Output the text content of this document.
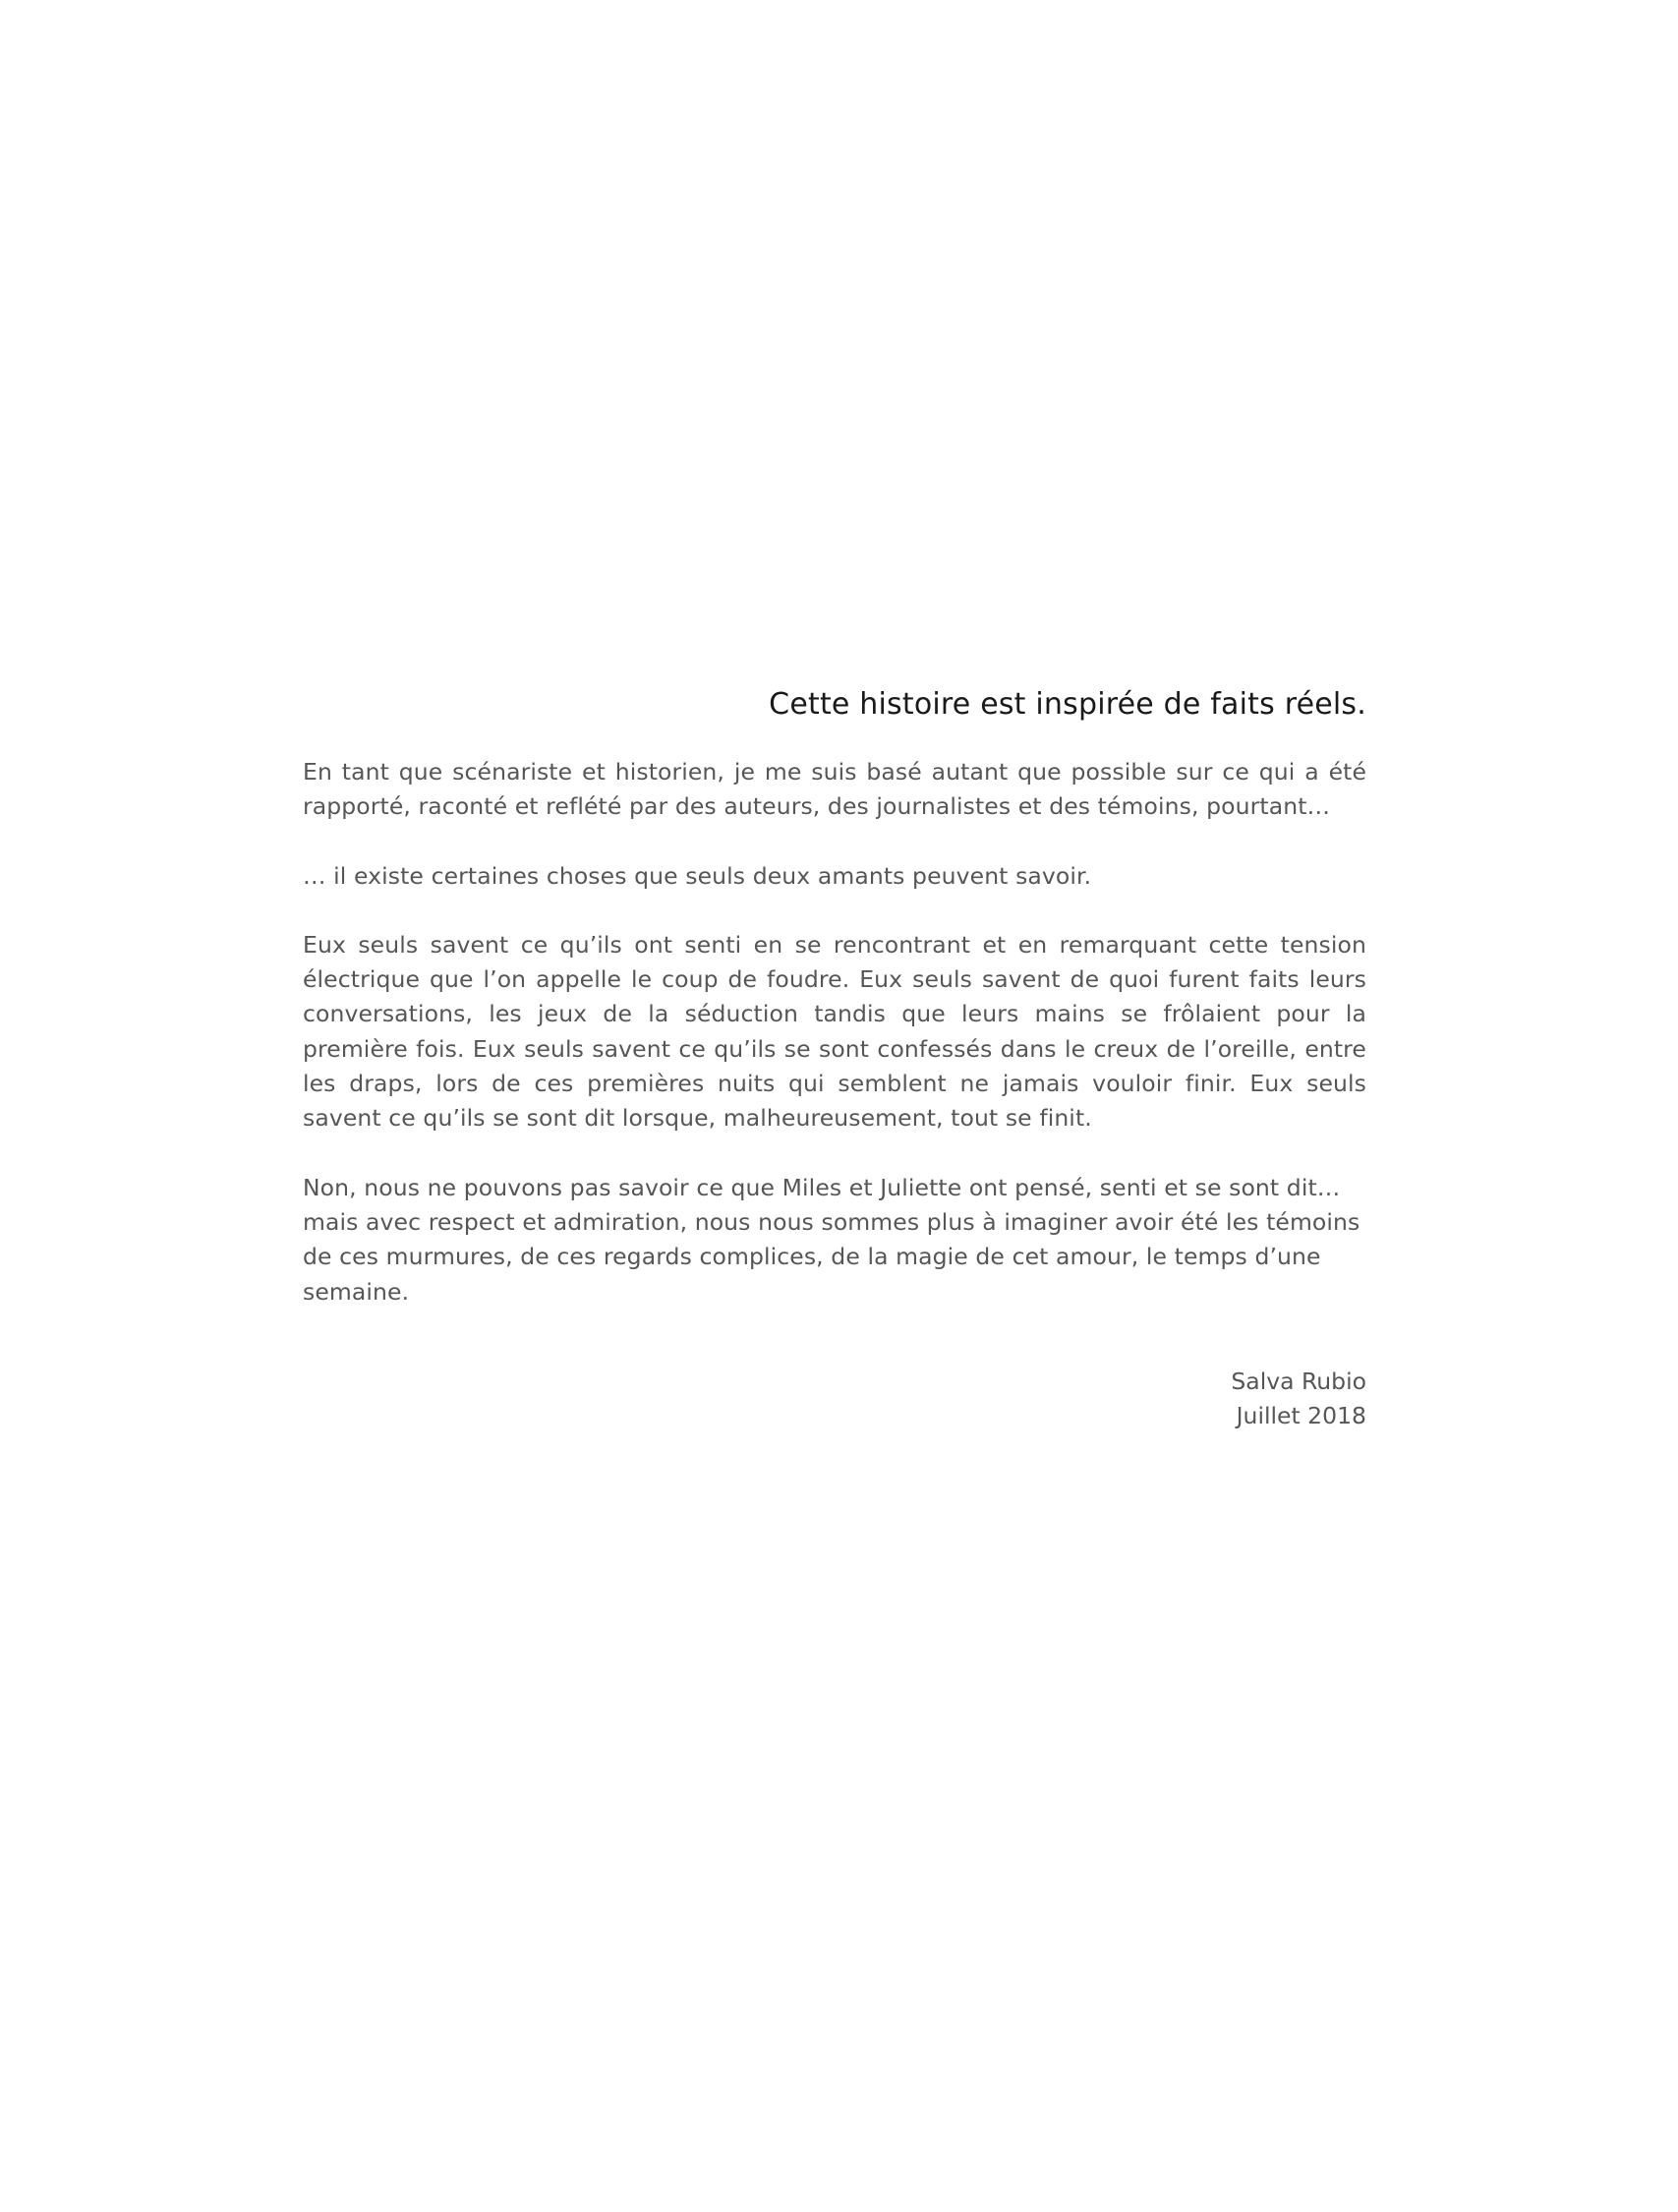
Cette histoire est inspirée de faits réels.

En tant que scénariste et historien, je me suis basé autant que possible sur ce qui a été rapporté, raconté et reflété par des auteurs, des journalistes et des témoins, pourtant…

… il existe certaines choses que seuls deux amants peuvent savoir.

Eux seuls savent ce qu’ils ont senti en se rencontrant et en remarquant cette tension électrique que l’on appelle le coup de foudre. Eux seuls savent de quoi furent faits leurs conversations, les jeux de la séduction tandis que leurs mains se frôlaient pour la première fois. Eux seuls savent ce qu’ils se sont confessés dans le creux de l’oreille, entre les draps, lors de ces premières nuits qui semblent ne jamais vouloir finir. Eux seuls savent ce qu’ils se sont dit lorsque, malheureusement, tout se finit.

Non, nous ne pouvons pas savoir ce que Miles et Juliette ont pensé, senti et se sont dit… mais avec respect et admiration, nous nous sommes plus à imaginer avoir été les témoins de ces murmures, de ces regards complices, de la magie de cet amour, le temps d’une semaine.

Salva Rubio
Juillet 2018
